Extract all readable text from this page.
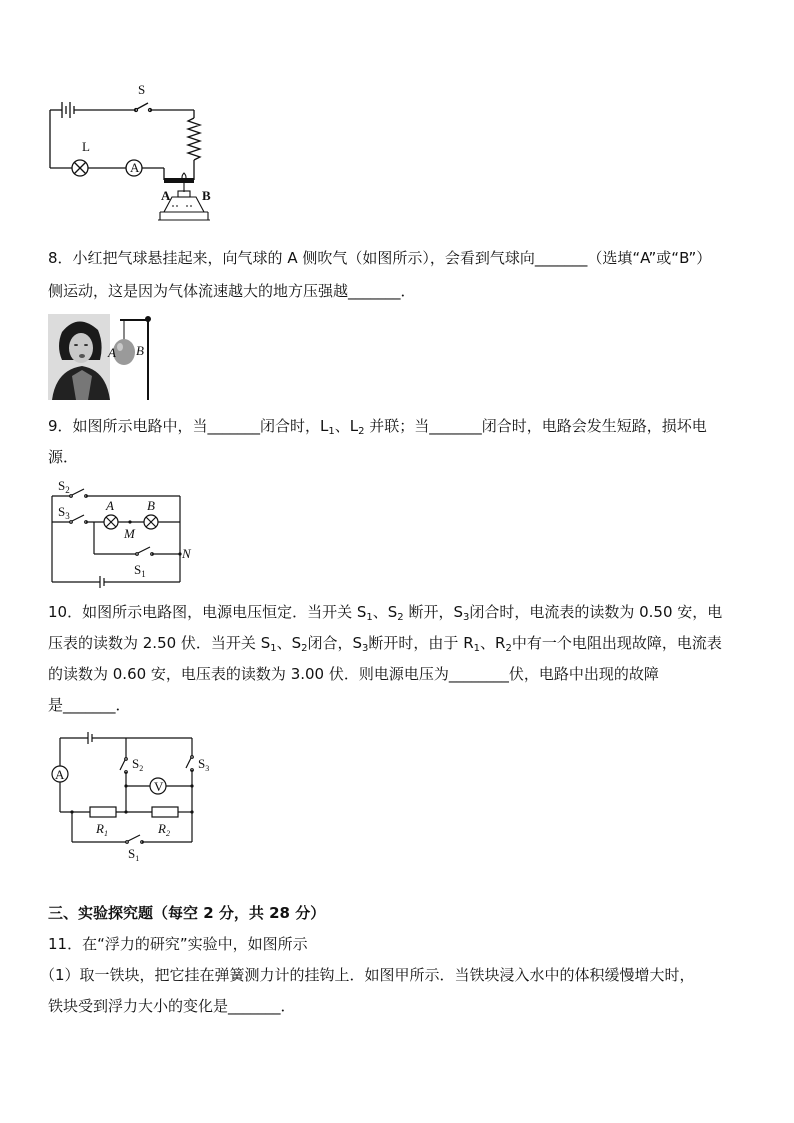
S
L
A
A B
8．小红把气球悬挂起来，向气球的 A 侧吹气（如图所示），会看到气球向_______（选填“A”或“B”）
侧运动，这是因为气体流速越大的地方压强越_______．
A B
9．如图所示电路中，当_______闭合时，$L_1$、$L_2$ 并联；当_______闭合时，电路会发生短路，损坏电
源．
$S_2$
$S_3$
A	B
M
N
$S_1$
10．如图所示电路图，电源电压恒定．当开关 $S_1$、$S_2$ 断开，$S_3$闭合时，电流表的读数为 0.50 安，电
压表的读数为 2.50 伏．当开关 $S_1$、$S_2$闭合，$S_3$断开时，由于 $R_1$、$R_2$中有一个电阻出现故障，电流表
的读数为 0.60 安，电压表的读数为 3.00 伏．则电源电压为________伏，电路中出现的故障
是_______．
A
V
$S_2$	$S_3$
$R_1$	$R_2$
$S_1$
三、实验探究题（每空 2 分，共 28 分）
11．在“浮力的研究”实验中，如图所示
（1）取一铁块，把它挂在弹簧测力计的挂钩上．如图甲所示．当铁块浸入水中的体积缓慢增大时，
铁块受到浮力大小的变化是_______．
